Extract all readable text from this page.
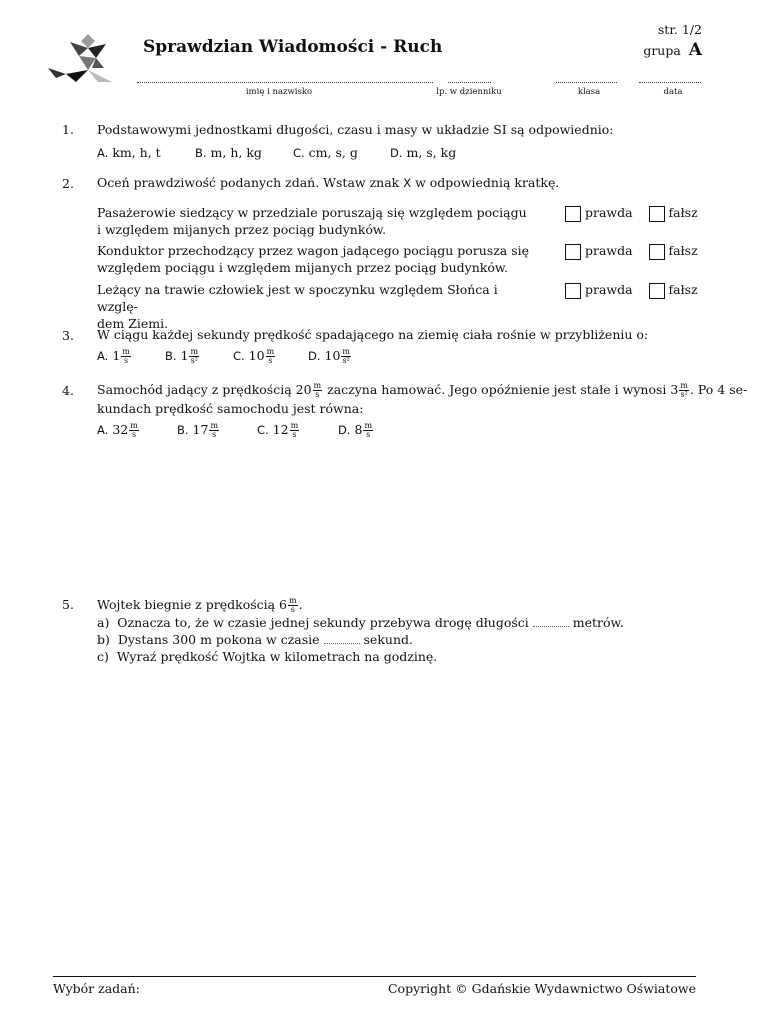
Sprawdzian Wiadomości - Ruch
str. 1/2
grupa A
imię i nazwisko	lp. w dzienniku	klasa	data
1. Podstawowymi jednostkami długości, czasu i masy w układzie SI są odpowiednio:
A. km, h, t	B. m, h, kg	C. cm, s, g	D. m, s, kg
2. Oceń prawdziwość podanych zdań. Wstaw znak X w odpowiednią kratkę.
Pasażerowie siedzący w przedziale poruszają się względem pociągu
i względem mijanych przez pociąg budynków.
prawda	fałsz
Konduktor przechodzący przez wagon jadącego pociągu porusza się
względem pociągu i względem mijanych przez pociąg budynków.
prawda	fałsz
Leżący na trawie człowiek jest w spoczynku względem Słońca i wzglę-
dem Ziemi.
prawda	fałsz
3. W ciągu każdej sekundy prędkość spadającego na ziemię ciała rośnie w przybliżeniu o:
A. $1 \frac{m}{s}$	B. $1 \frac{m}{\text{s²}}$	C. $10 \frac{m}{s}$	D. $10 \frac{m}{\text{s²}}$
4. Samochód jadący z prędkością $20 \frac{m}{s}$ zaczyna hamować. Jego opóźnienie jest stałe i wynosi $3 \frac{m}{\text{s²}}$ . Po 4 se-
kundach prędkość samochodu jest równa:
A. $32 \frac{m}{s}$	B. $17 \frac{m}{s}$	C. $12 \frac{m}{s}$	D. $8 \frac{m}{s}$
5. Wojtek biegnie z prędkością $6 \frac{m}{s}$ .
a) Oznacza to, że w czasie jednej sekundy przebywa drogę długości	metrów.
b) Dystans 300 m pokona w czasie	sekund.
c) Wyraź prędkość Wojtka w kilometrach na godzinę.
Wybór zadań:	Copyright © Gdańskie Wydawnictwo Oświatowe
